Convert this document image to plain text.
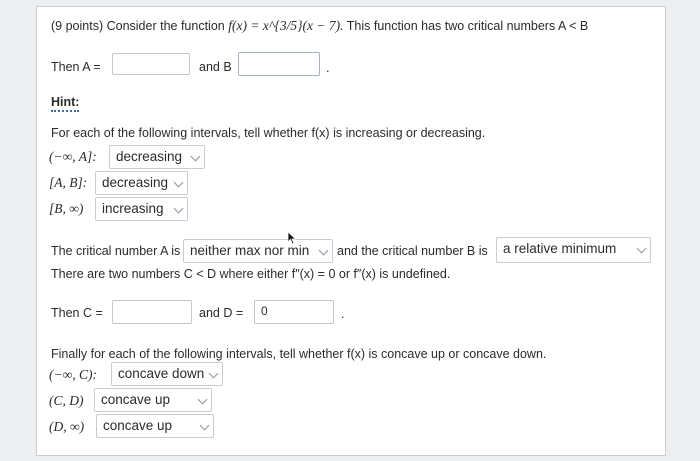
(9 points) Consider the function f(x) = x^{3/5}(x − 7). This function has two critical numbers A < B
Then A =	and B	.
Hint:
For each of the following intervals, tell whether f(x) is increasing or decreasing.
(−∞, A]:	decreasing
[A, B]:	decreasing
[B, ∞)	increasing
The critical number A is neither max nor min	and the critical number B is	a relative minimum
There are two numbers C < D where either f″(x) = 0 or f″(x) is undefined.
Then C =	and D =	0	.
Finally for each of the following intervals, tell whether f(x) is concave up or concave down.
(−∞, C):	concave down
(C, D)	concave up
(D, ∞)	concave up
